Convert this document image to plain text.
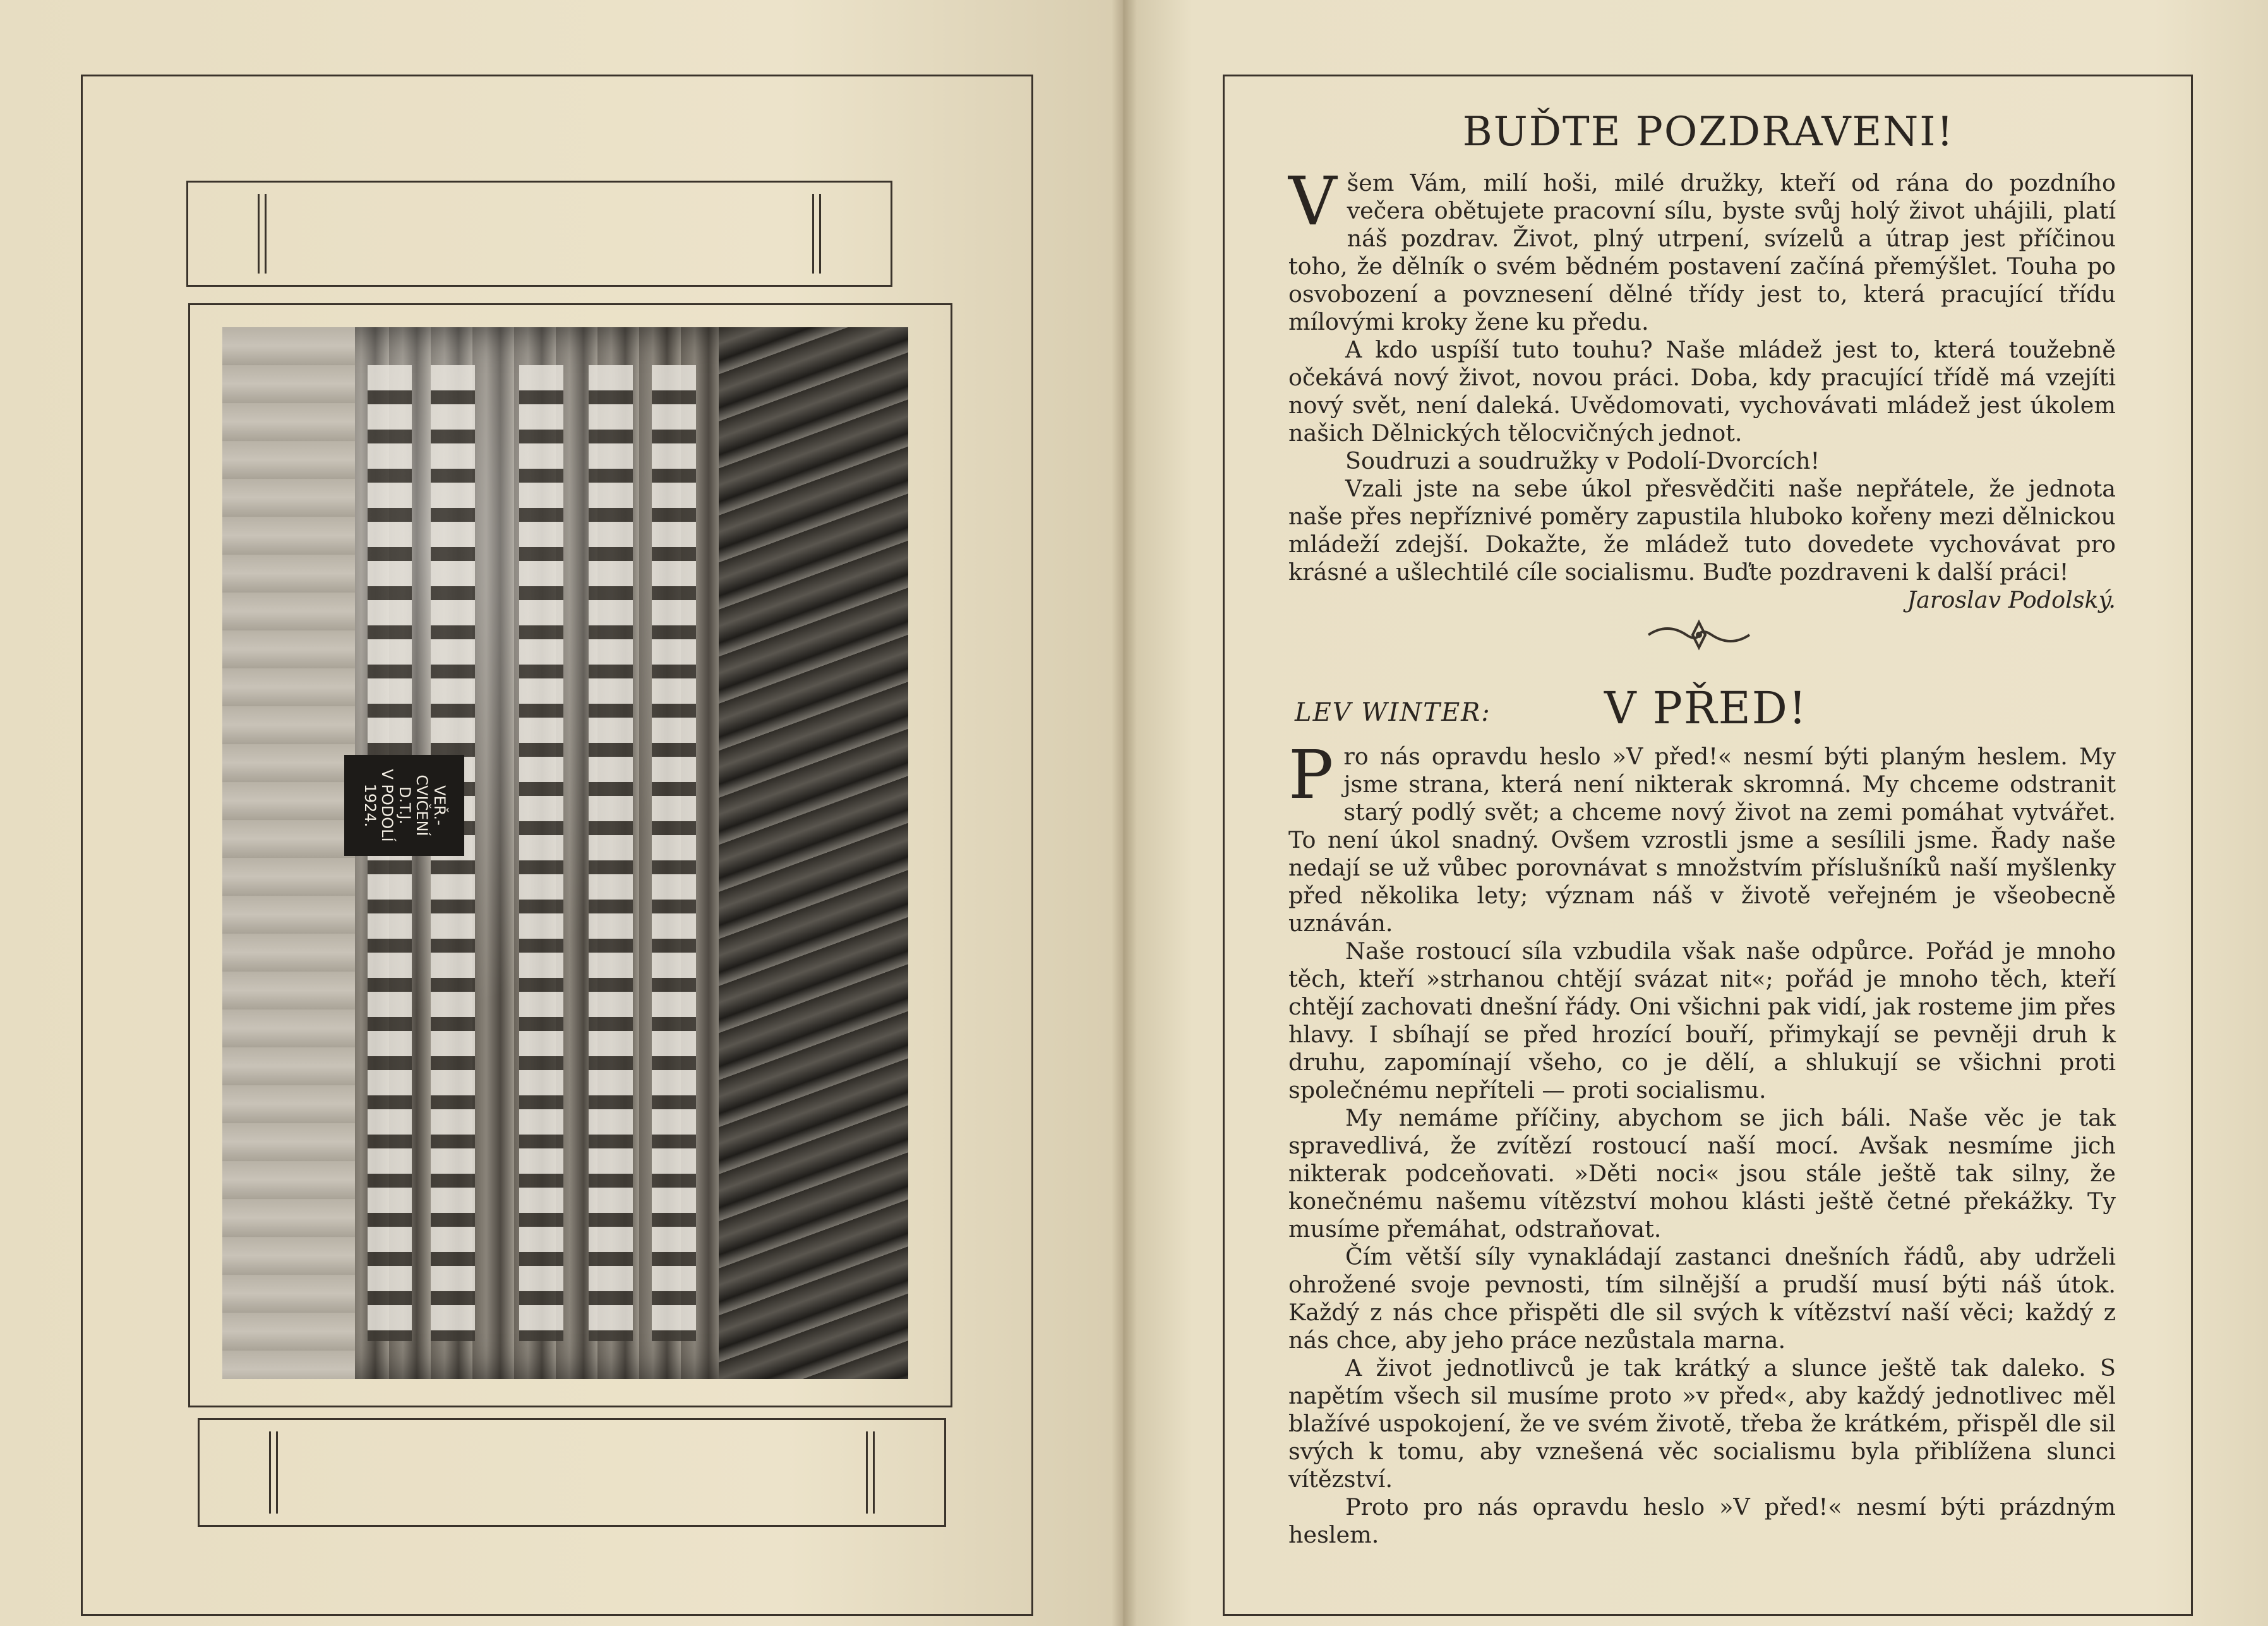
VEŘ.-CVIČENÍ
D.T.J.
V PODOLÍ
1924.
BUĎTE POZDRAVENI!

V šem Vám, milí hoši, milé družky, kteří od rána do pozdního večera obětujete pracovní sílu, byste svůj holý život uhájili, platí náš pozdrav. Život, plný utrpení, svízelů a útrap jest příčinou toho, že dělník o svém bědném postavení začíná přemýšlet. Touha po osvobození a povznesení dělné třídy jest to, která pracující třídu mílovými kroky žene ku předu.

A kdo uspíší tuto touhu? Naše mládež jest to, která toužebně očekává nový život, novou práci. Doba, kdy pracující třídě má vzejíti nový svět, není daleká. Uvědomovati, vychovávati mládež jest úkolem našich Dělnických tělocvičných jednot.

Soudruzi a soudružky v Podolí-Dvorcích!

Vzali jste na sebe úkol přesvědčiti naše nepřátele, že jednota naše přes nepříznivé poměry zapustila hluboko kořeny mezi dělnickou mládeží zdejší. Dokažte, že mládež tuto dovedete vychovávat pro krásné a ušlechtilé cíle socialismu. Buďte pozdraveni k další práci!

Jaroslav Podolský.
LEV WINTER:	V PŘED!

P ro nás opravdu heslo »V před!« nesmí býti planým heslem. My jsme strana, která není nikterak skromná. My chceme odstranit starý podlý svět; a chceme nový život na zemi pomáhat vytvářet. To není úkol snadný. Ovšem vzrostli jsme a sesílili jsme. Řady naše nedají se už vůbec porovnávat s množstvím příslušníků naší myšlenky před několika lety; význam náš v životě veřejném je všeobecně uznáván.

Naše rostoucí síla vzbudila však naše odpůrce. Pořád je mnoho těch, kteří »strhanou chtějí svázat nit«; pořád je mnoho těch, kteří chtějí zachovati dnešní řády. Oni všichni pak vidí, jak rosteme jim přes hlavy. I sbíhají se před hrozící bouří, přimykají se pevněji druh k druhu, zapomínají všeho, co je dělí, a shlukují se všichni proti společnému nepříteli — proti socialismu.

My nemáme příčiny, abychom se jich báli. Naše věc je tak spravedlivá, že zvítězí rostoucí naší mocí. Avšak nesmíme jich nikterak podceňovati. »Děti noci« jsou stále ještě tak silny, že konečnému našemu vítězství mohou klásti ještě četné překážky. Ty musíme přemáhat, odstraňovat.

Čím větší síly vynakládají zastanci dnešních řádů, aby udrželi ohrožené svoje pevnosti, tím silnější a prudší musí býti náš útok. Každý z nás chce přispěti dle sil svých k vítězství naší věci; každý z nás chce, aby jeho práce nezůstala marna.

A život jednotlivců je tak krátký a slunce ještě tak daleko. S napětím všech sil musíme proto »v před«, aby každý jednotlivec měl blažívé uspokojení, že ve svém životě, třeba že krátkém, přispěl dle sil svých k tomu, aby vznešená věc socialismu byla přiblížena slunci vítězství.

Proto pro nás opravdu heslo »V před!« nesmí býti prázdným heslem.
